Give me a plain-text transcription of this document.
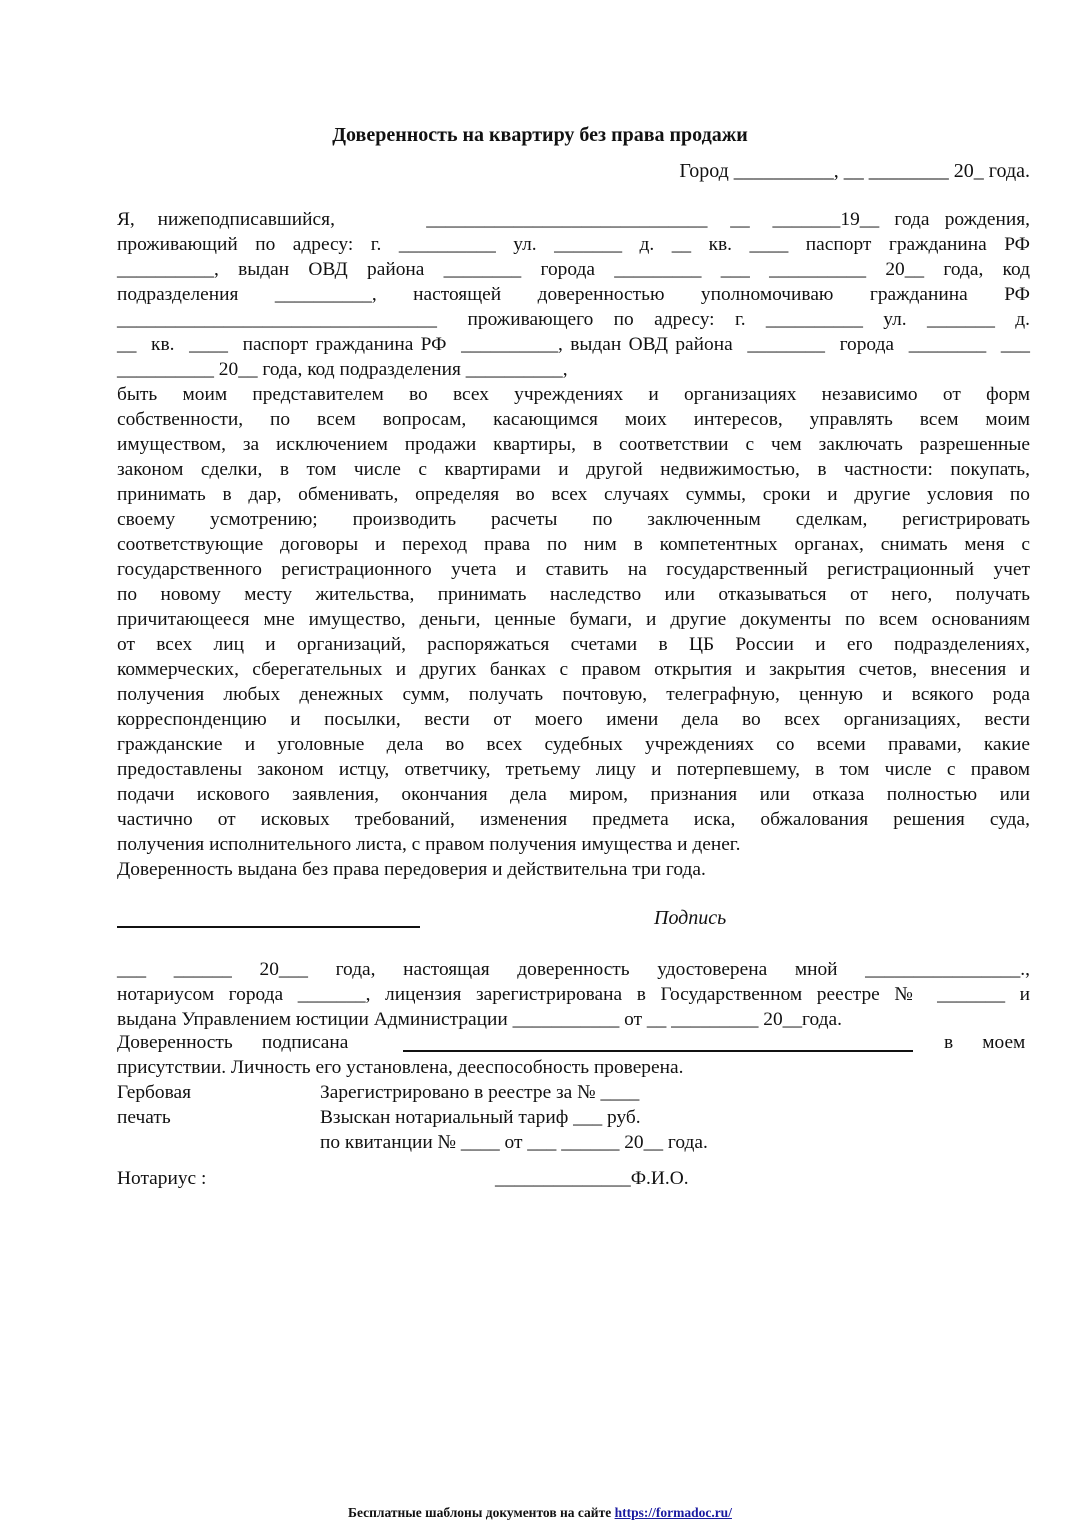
Доверенность на квартиру без права продажи
Город __________, __ ________ 20_ года.
Я,   нижеподписавшийся,            _____________________________   __   _______19__  года  рождения,
проживающий  по  адресу:  г.  __________  ул.  _______  д.  __  кв.  ____  паспорт  гражданина  РФ
__________,  выдан  ОВД  района  ________  города  _________  ___  __________  20__  года,  код
подразделения   __________,   настоящей   доверенностью   уполномочиваю   гражданина   РФ
_________________________________   проживающего  по  адресу:  г.  __________  ул.  _______  д.
__  кв.  ____  паспорт гражданина РФ  __________, выдан ОВД района  ________  города  ________  ___
__________ 20__ года, код подразделения __________,
быть  моим  представителем  во  всех  учреждениях  и  организациях  независимо  от  форм
собственности,  по  всем  вопросам,  касающимся  моих  интересов,  управлять  всем  моим
имуществом, за исключением продажи квартиры, в соответствии с чем заключать разрешенные
законом сделки, в том числе с квартирами и другой недвижимостью, в частности: покупать,
принимать в дар, обменивать, определяя во всех случаях суммы, сроки и другие условия по
своему  усмотрению;  производить  расчеты  по  заключенным  сделкам,  регистрировать
соответствующие договоры и переход права по ним в компетентных органах, снимать меня с
государственного регистрационного учета и ставить на государственный регистрационный учет
по  новому  месту  жительства,  принимать  наследство  или  отказываться  от  него,  получать
причитающееся мне имущество, деньги, ценные бумаги, и другие документы по всем основаниям
от  всех  лиц  и  организаций,  распоряжаться  счетами  в  ЦБ  России  и  его  подразделениях,
коммерческих, сберегательных и других банках с правом открытия и закрытия счетов, внесения и
получения любых денежных сумм, получать почтовую, телеграфную, ценную и всякого рода
корреспонденцию  и  посылки,  вести  от  моего  имени  дела  во  всех  организациях,  вести
гражданские  и  уголовные  дела  во  всех  судебных  учреждениях  со  всеми  правами,  какие
предоставлены законом истцу, ответчику, третьему лицу и потерпевшему, в том числе с правом
подачи  искового  заявления,  окончания  дела  миром,  признания  или  отказа  полностью  или
частично  от  исковых  требований,  изменения  предмета  иска,  обжалования  решения  суда,
получения исполнительного листа, с правом получения имущества и денег.
Доверенность выдана без права передоверия и действительна три года.
Подпись
___  ______  20___  года,  настоящая  доверенность  удостоверена  мной  ________________.,
нотариусом города _______, лицензия зарегистрирована в Государственном реестре № _______ и
выдана Управлением юстиции Администрации ___________ от __ _________ 20__года.
Доверенность      подписана	в      моем
присутствии. Личность его установлена, дееспособность проверена.
Гербовая
печать
Зарегистрировано в реестре за № ____
Взыскан нотариальный тариф ___ руб.
по квитанции № ____ от ___ ______ 20__ года.
Нотариус :	______________Ф.И.О.
Бесплатные шаблоны документов на сайте https://formadoc.ru/
